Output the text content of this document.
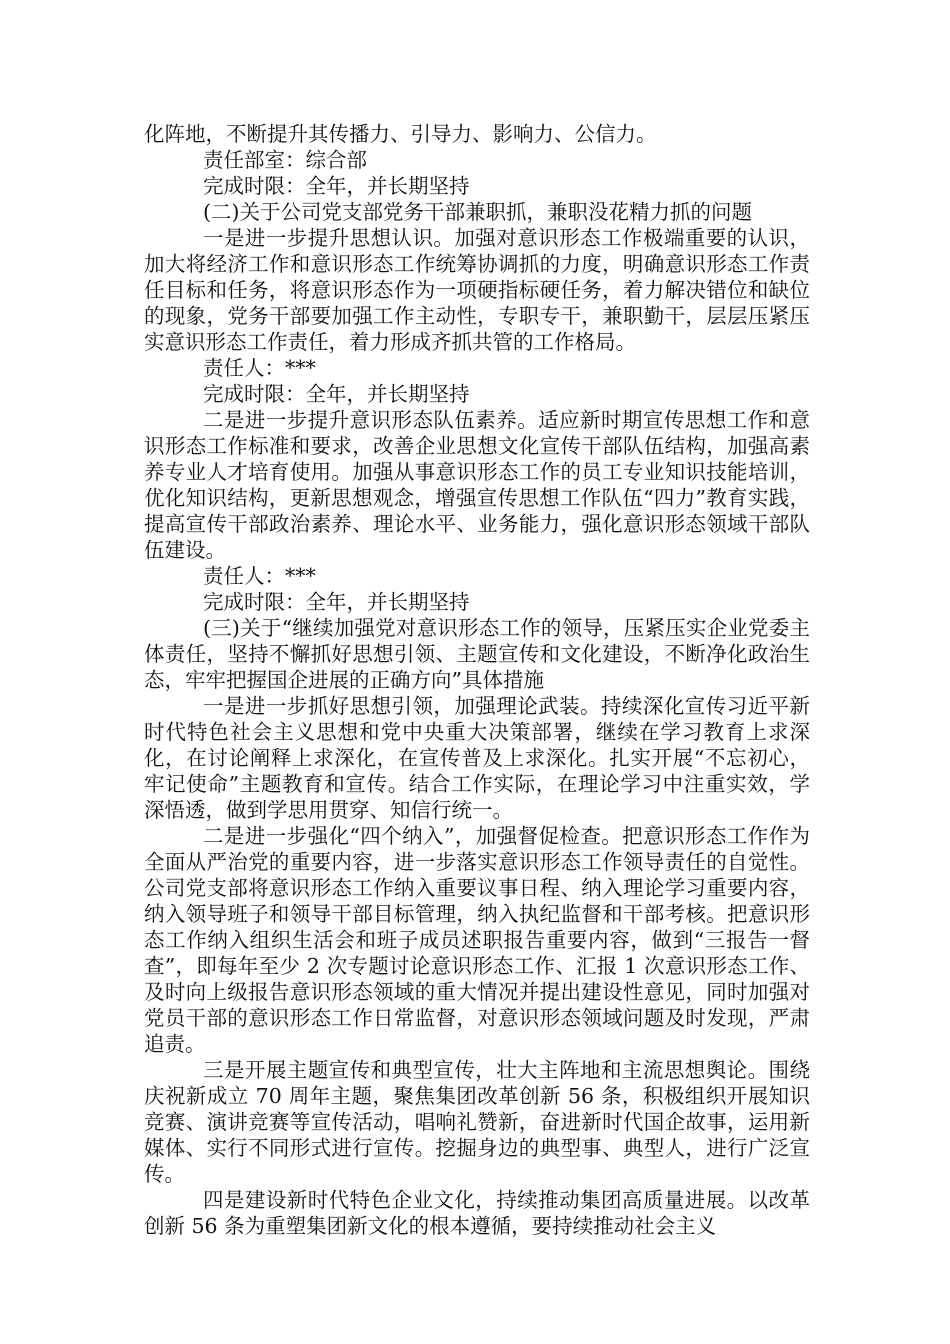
化阵地，不断提升其传播力、引导力、影响力、公信力。

责任部室：综合部

完成时限：全年，并长期坚持

(二)关于公司党支部党务干部兼职抓，兼职没花精力抓的问题

一是进一步提升思想认识。加强对意识形态工作极端重要的认识，加大将经济工作和意识形态工作统筹协调抓的力度，明确意识形态工作责任目标和任务，将意识形态作为一项硬指标硬任务，着力解决错位和缺位的现象，党务干部要加强工作主动性，专职专干，兼职勤干，层层压紧压实意识形态工作责任，着力形成齐抓共管的工作格局。

责任人：***

完成时限：全年，并长期坚持

二是进一步提升意识形态队伍素养。适应新时期宣传思想工作和意识形态工作标准和要求，改善企业思想文化宣传干部队伍结构，加强高素养专业人才培育使用。加强从事意识形态工作的员工专业知识技能培训，优化知识结构，更新思想观念，增强宣传思想工作队伍“四力”教育实践，提高宣传干部政治素养、理论水平、业务能力，强化意识形态领域干部队伍建设。

责任人：***

完成时限：全年，并长期坚持

(三)关于“继续加强党对意识形态工作的领导，压紧压实企业党委主体责任，坚持不懈抓好思想引领、主题宣传和文化建设，不断净化政治生态，牢牢把握国企进展的正确方向”具体措施

一是进一步抓好思想引领，加强理论武装。持续深化宣传习近平新时代特色社会主义思想和党中央重大决策部署，继续在学习教育上求深化，在讨论阐释上求深化，在宣传普及上求深化。扎实开展“不忘初心，牢记使命”主题教育和宣传。结合工作实际，在理论学习中注重实效，学深悟透，做到学思用贯穿、知信行统一。

二是进一步强化“四个纳入”，加强督促检查。把意识形态工作作为全面从严治党的重要内容，进一步落实意识形态工作领导责任的自觉性。公司党支部将意识形态工作纳入重要议事日程、纳入理论学习重要内容，纳入领导班子和领导干部目标管理，纳入执纪监督和干部考核。把意识形态工作纳入组织生活会和班子成员述职报告重要内容，做到“三报告一督查”，即每年至少 2 次专题讨论意识形态工作、汇报 1 次意识形态工作、及时向上级报告意识形态领域的重大情况并提出建设性意见，同时加强对党员干部的意识形态工作日常监督，对意识形态领域问题及时发现，严肃追责。

三是开展主题宣传和典型宣传，壮大主阵地和主流思想舆论。围绕庆祝新成立 70 周年主题，聚焦集团改革创新 56 条，积极组织开展知识竞赛、演讲竞赛等宣传活动，唱响礼赞新，奋进新时代国企故事，运用新媒体、实行不同形式进行宣传。挖掘身边的典型事、典型人，进行广泛宣传。

四是建设新时代特色企业文化，持续推动集团高质量进展。以改革创新 56 条为重塑集团新文化的根本遵循，要持续推动社会主义
